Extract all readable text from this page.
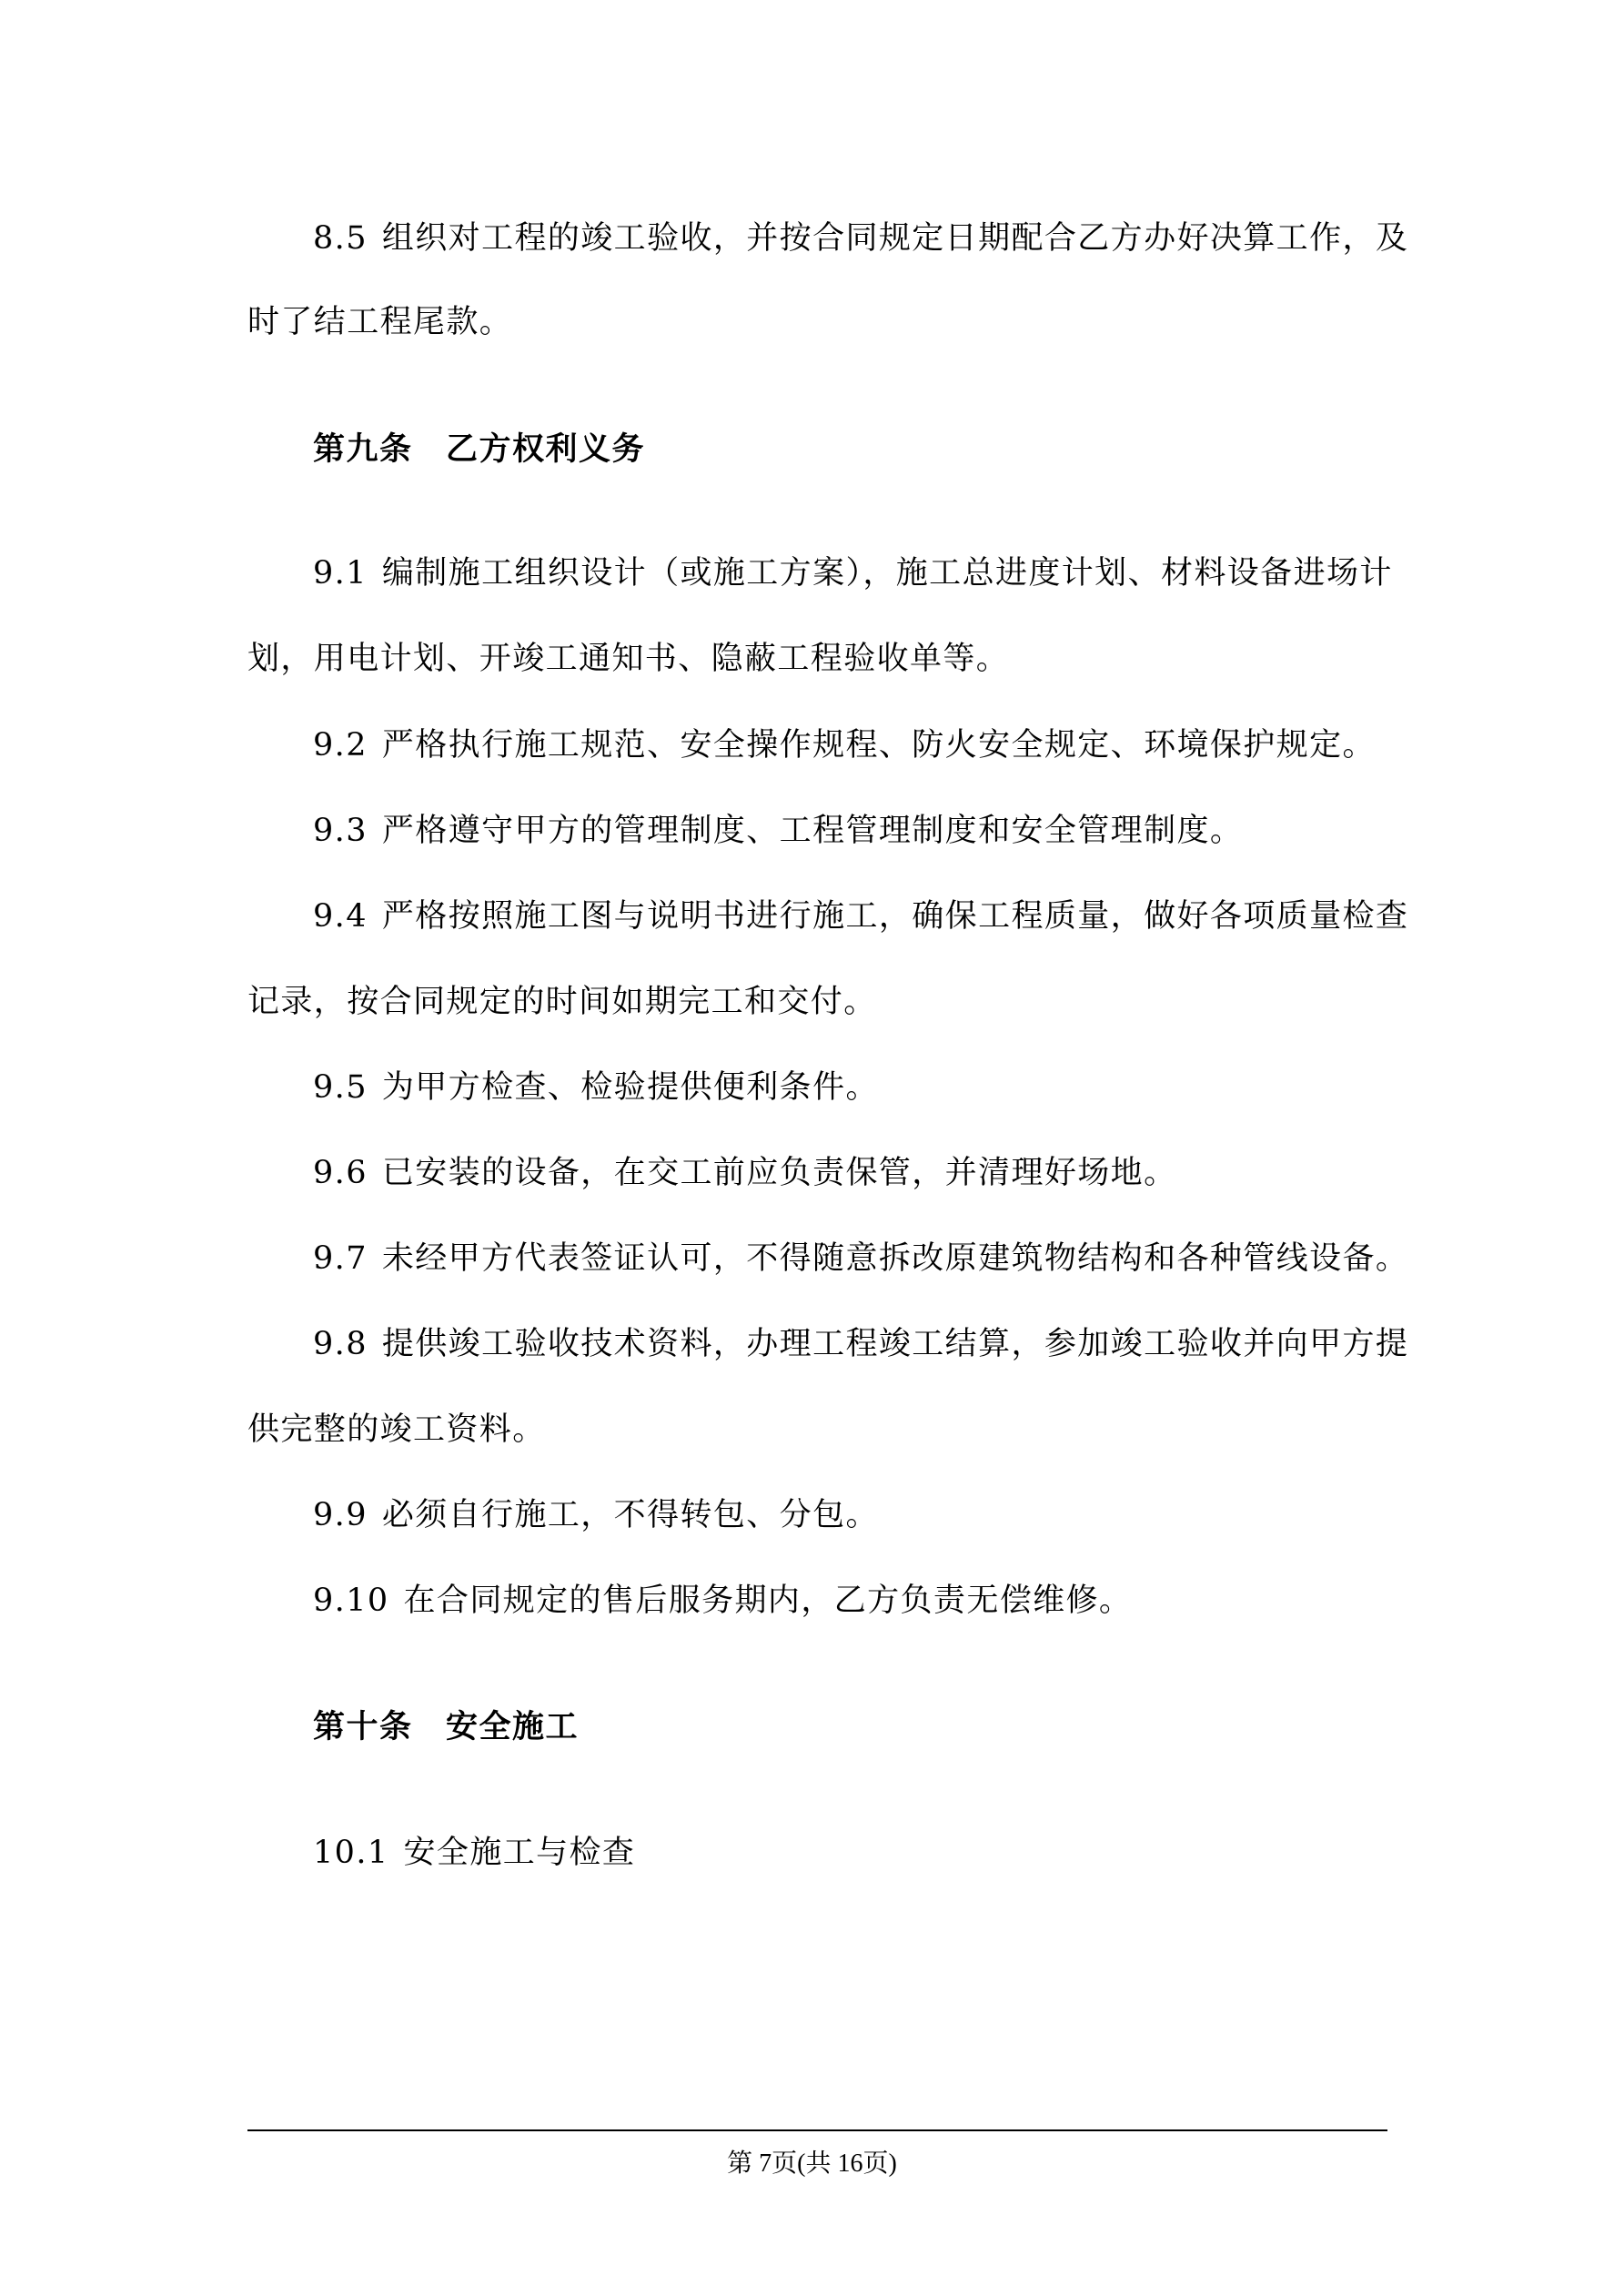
8.5 组织对工程的竣工验收，并按合同规定日期配合乙方办好决算工作，及
时了结工程尾款。
第九条　乙方权利义务
9.1 编制施工组织设计（或施工方案），施工总进度计划、材料设备进场计
划，用电计划、开竣工通知书、隐蔽工程验收单等。
9.2 严格执行施工规范、安全操作规程、防火安全规定、环境保护规定。
9.3 严格遵守甲方的管理制度、工程管理制度和安全管理制度。
9.4 严格按照施工图与说明书进行施工，确保工程质量，做好各项质量检查
记录，按合同规定的时间如期完工和交付。
9.5 为甲方检查、检验提供便利条件。
9.6 已安装的设备，在交工前应负责保管，并清理好场地。
9.7 未经甲方代表签证认可，不得随意拆改原建筑物结构和各种管线设备。
9.8 提供竣工验收技术资料，办理工程竣工结算，参加竣工验收并向甲方提
供完整的竣工资料。
9.9 必须自行施工，不得转包、分包。
9.10 在合同规定的售后服务期内，乙方负责无偿维修。
第十条　安全施工
10.1 安全施工与检查
第 7页(共 16页)
